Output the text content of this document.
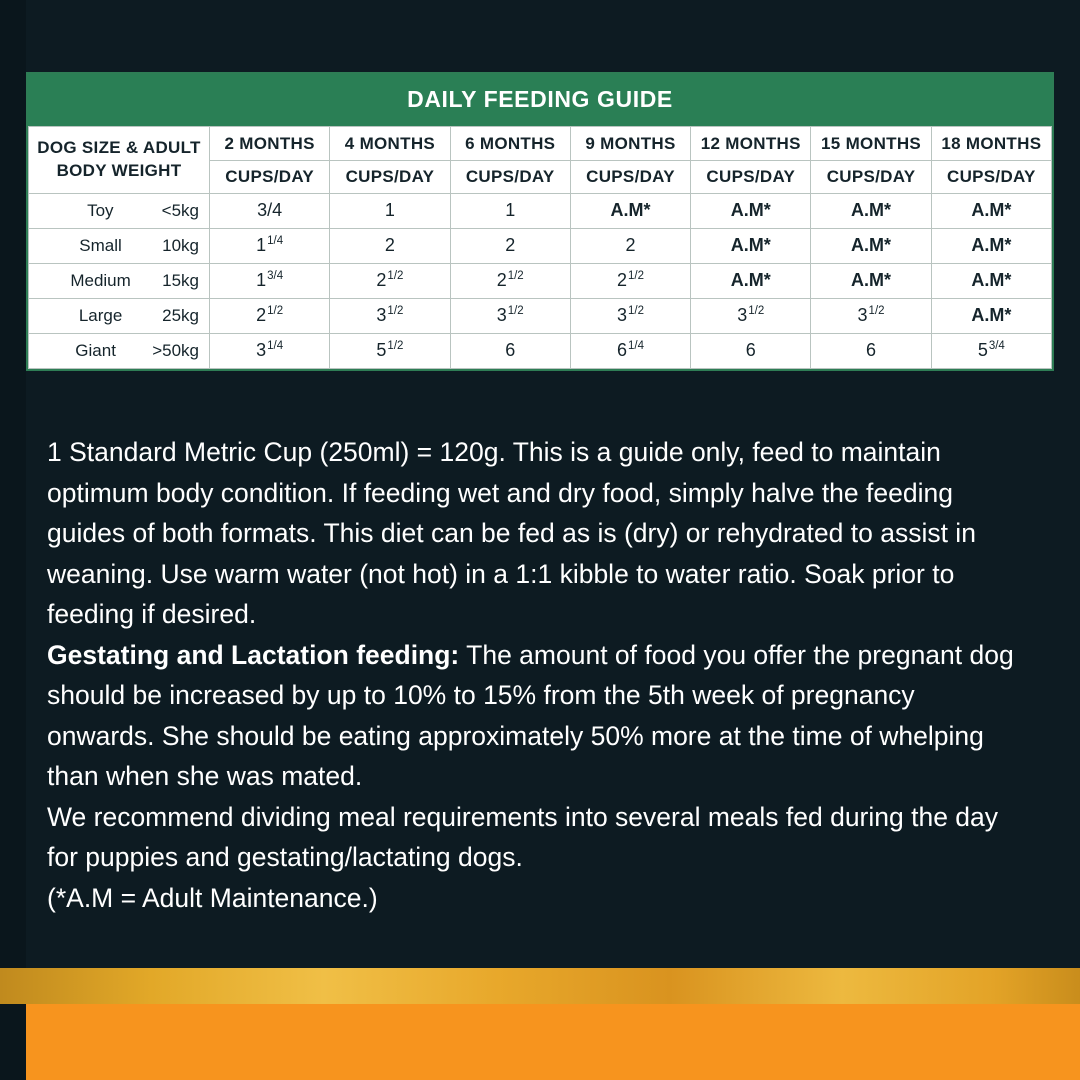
DAILY FEEDING GUIDE
DOG SIZE & ADULT
BODY WEIGHT	2 MONTHS	4 MONTHS	6 MONTHS	9 MONTHS	12 MONTHS	15 MONTHS	18 MONTHS
	CUPS/DAY	CUPS/DAY	CUPS/DAY	CUPS/DAY	CUPS/DAY	CUPS/DAY	CUPS/DAY
Toy <5kg	3/4	1	1	A.M*	A.M*	A.M*	A.M*
Small 10kg	$1^{1/4}$	2	2	2	A.M*	A.M*	A.M*
Medium 15kg	$1^{3/4}$	$2^{1/2}$	$2^{1/2}$	$2^{1/2}$	A.M*	A.M*	A.M*
Large 25kg	$2^{1/2}$	$3^{1/2}$	$3^{1/2}$	$3^{1/2}$	$3^{1/2}$	$3^{1/2}$	A.M*
Giant >50kg	$3^{1/4}$	$5^{1/2}$	6	$6^{1/4}$	6	6	$5^{3/4}$

1 Standard Metric Cup (250ml) = 120g. This is a guide only, feed to maintain optimum body condition. If feeding wet and dry food, simply halve the feeding guides of both formats. This diet can be fed as is (dry) or rehydrated to assist in weaning. Use warm water (not hot) in a 1:1 kibble to water ratio. Soak prior to feeding if desired.

Gestating and Lactation feeding: The amount of food you offer the pregnant dog should be increased by up to 10% to 15% from the 5th week of pregnancy onwards. She should be eating approximately 50% more at the time of whelping than when she was mated.

We recommend dividing meal requirements into several meals fed during the day for puppies and gestating/lactating dogs.

(*A.M = Adult Maintenance.)
